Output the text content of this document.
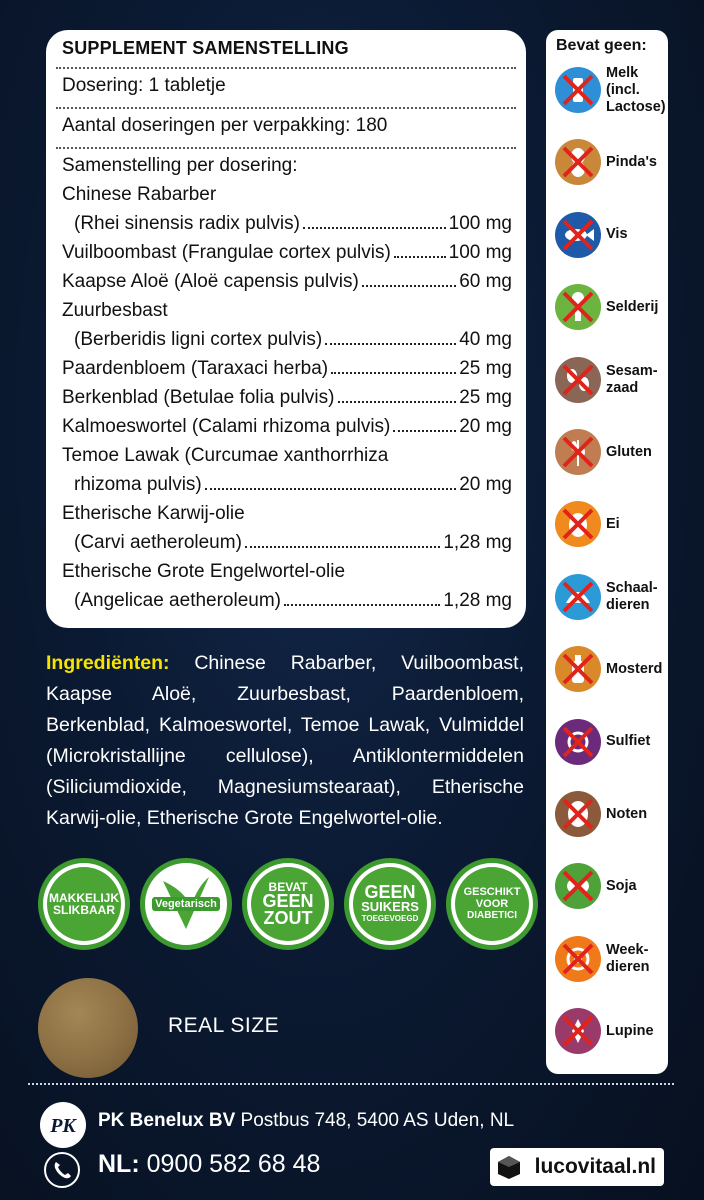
SUPPLEMENT SAMENSTELLING
Dosering: 1 tabletje
Aantal doseringen per verpakking: 180
Samenstelling per dosering:
Chinese Rabarber
(Rhei sinensis radix pulvis)	100 mg
Vuilboombast (Frangulae cortex pulvis)	100 mg
Kaapse Aloë (Aloë capensis pulvis)	60 mg
Zuurbesbast
(Berberidis ligni cortex pulvis)	40 mg
Paardenbloem (Taraxaci herba)	25 mg
Berkenblad (Betulae folia pulvis)	25 mg
Kalmoeswortel (Calami rhizoma pulvis)	20 mg
Temoe Lawak (Curcumae xanthorrhiza
rhizoma pulvis)	20 mg
Etherische Karwij-olie
(Carvi aetheroleum)	1,28 mg
Etherische Grote Engelwortel-olie
(Angelicae aetheroleum)	1,28 mg
Ingrediënten: Chinese Rabarber, Vuilboombast, Kaapse Aloë, Zuurbesbast, Paardenbloem, Berkenblad, Kalmoeswortel, Temoe Lawak, Vulmiddel (Microkristallijne cellulose), Antiklontermiddelen (Siliciumdioxide, Magnesiumstearaat), Etherische Karwij-olie, Etherische Grote Engelwortel-olie.
MAKKELIJK
SLIKBAAR	Vegetarisch
BEVAT
GEEN
ZOUT
GEEN
SUIKERS
TOEGEVOEGD
GESCHIKT
VOOR
DIABETICI
REAL SIZE
Bevat geen:
Melk (incl. Lactose)
Pinda's
Vis
Selderij
Sesam-zaad
Gluten
Ei
Schaal-dieren
Mosterd
Sulfiet
Noten
Soja
Week-dieren
Lupine
PK PK Benelux BV Postbus 748, 5400 AS Uden, NL
NL: 0900 582 68 48	lucovitaal.nl
